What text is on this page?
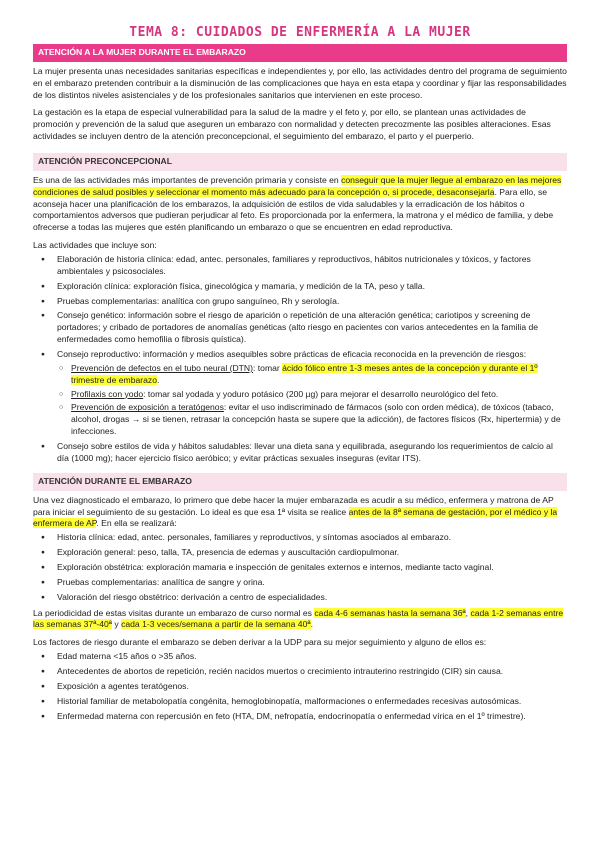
TEMA 8: CUIDADOS DE ENFERMERÍA A LA MUJER
ATENCIÓN A LA MUJER DURANTE EL EMBARAZO

La mujer presenta unas necesidades sanitarias específicas e independientes y, por ello, las actividades dentro del programa de seguimiento en el embarazo pretenden contribuir a la disminución de las complicaciones que haya en esta etapa y coordinar y fijar las responsabilidades de los distintos niveles asistenciales y de los profesionales sanitarios que intervienen en este proceso.

La gestación es la etapa de especial vulnerabilidad para la salud de la madre y el feto y, por ello, se plantean unas actividades de promoción y prevención de la salud que aseguren un embarazo con normalidad y detecten precozmente las posibles alteraciones. Esas actividades se incluyen dentro de la atención preconcepcional, el seguimiento del embarazo, el parto y el puerperio.

ATENCIÓN PRECONCEPCIONAL

Es una de las actividades más importantes de prevención primaria y consiste en conseguir que la mujer llegue al embarazo en las mejores condiciones de salud posibles y seleccionar el momento más adecuado para la concepción o, si procede, desaconsejarla. Para ello, se aconseja hacer una planificación de los embarazos, la adquisición de estilos de vida saludables y la erradicación de los hábitos o comportamientos adversos que pudieran perjudicar al feto. Es proporcionada por la enfermera, la matrona y el médico de familia, y debe ofrecerse a todas las mujeres que estén planificando un embarazo o que se encuentren en edad reproductiva.

Las actividades que incluye son:

● Elaboración de historia clínica: edad, antec. personales, familiares y reproductivos, hábitos nutricionales y tóxicos, y factores ambientales y psicosociales.
● Exploración clínica: exploración física, ginecológica y mamaria, y medición de la TA, peso y talla.
● Pruebas complementarias: analítica con grupo sanguíneo, Rh y serología.
● Consejo genético: información sobre el riesgo de aparición o repetición de una alteración genética; cariotipos y screening de portadores; y cribado de portadores de anomalías genéticas (alto riesgo en pacientes con varios antecedentes en la familia de enfermedades como hemofilia o fibrosis quística).
● Consejo reproductivo: información y medios asequibles sobre prácticas de eficacia reconocida en la prevención de riesgos:
○ Prevención de defectos en el tubo neural (DTN): tomar ácido fólico entre 1-3 meses antes de la concepción y durante el 1º trimestre de embarazo.
○ Profilaxis con yodo: tomar sal yodada y yoduro potásico (200 µg) para mejorar el desarrollo neurológico del feto.
○ Prevención de exposición a teratógenos: evitar el uso indiscriminado de fármacos (solo con orden médica), de tóxicos (tabaco, alcohol, drogas → si se tienen, retrasar la concepción hasta se supere que la adicción), de factores físicos (Rx, hipertermia) y de infecciones.
● Consejo sobre estilos de vida y hábitos saludables: llevar una dieta sana y equilibrada, asegurando los requerimientos de calcio al día (1000 mg); hacer ejercicio físico aeróbico; y evitar prácticas sexuales inseguras (evitar ITS).
ATENCIÓN DURANTE EL EMBARAZO

Una vez diagnosticado el embarazo, lo primero que debe hacer la mujer embarazada es acudir a su médico, enfermera y matrona de AP para iniciar el seguimiento de su gestación. Lo ideal es que esa 1ª visita se realice antes de la 8ª semana de gestación, por el médico y la enfermera de AP. En ella se realizará:

● Historia clínica: edad, antec. personales, familiares y reproductivos, y síntomas asociados al embarazo.
● Exploración general: peso, talla, TA, presencia de edemas y auscultación cardiopulmonar.
● Exploración obstétrica: exploración mamaria e inspección de genitales externos e internos, mediante tacto vaginal.
● Pruebas complementarias: analítica de sangre y orina.
● Valoración del riesgo obstétrico: derivación a centro de especialidades.

La periodicidad de estas visitas durante un embarazo de curso normal es cada 4-6 semanas hasta la semana 36ª, cada 1-2 semanas entre las semanas 37ª-40ª y cada 1-3 veces/semana a partir de la semana 40ª.

Los factores de riesgo durante el embarazo se deben derivar a la UDP para su mejor seguimiento y alguno de ellos es:

● Edad materna <15 años o >35 años.
● Antecedentes de abortos de repetición, recién nacidos muertos o crecimiento intrauterino restringido (CIR) sin causa.
● Exposición a agentes teratógenos.
● Historial familiar de metabolopatía congénita, hemoglobinopatía, malformaciones o enfermedades recesivas autosómicas.
● Enfermedad materna con repercusión en feto (HTA, DM, nefropatía, endocrinopatía o enfermedad vírica en el 1º trimestre).
